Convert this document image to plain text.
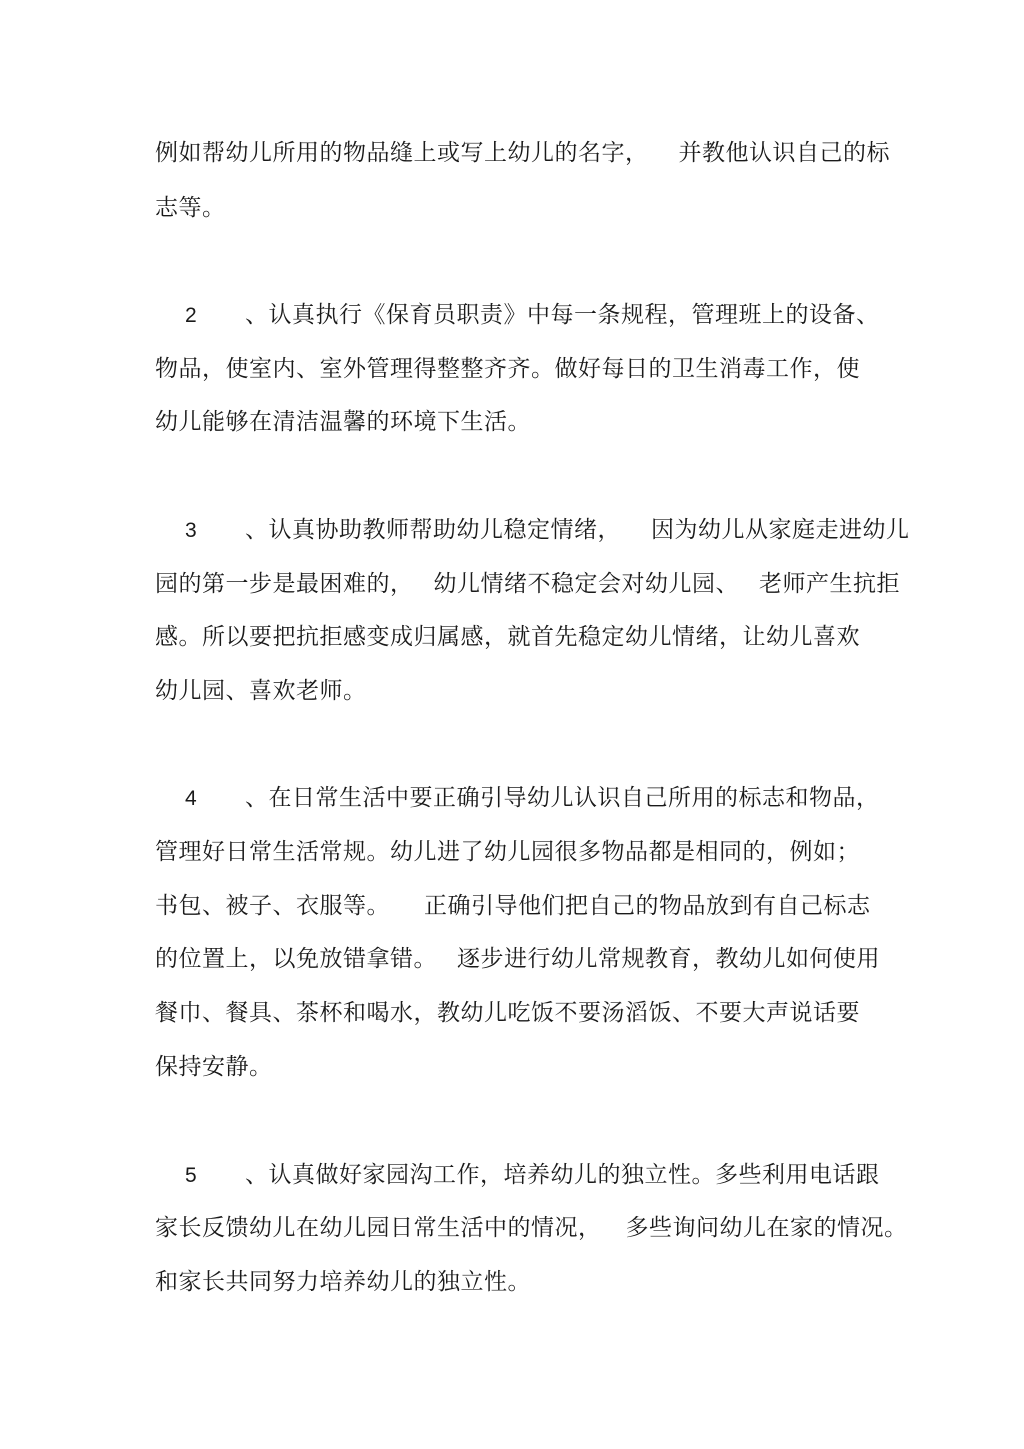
例如帮幼儿所用的物品缝上或写上幼儿的名字， 并教他认识自己的标
志等。
2 、认真执行《保育员职责》中每一条规程，管理班上的设备、
物品，使室内、室外管理得整整齐齐。做好每日的卫生消毒工作，使
幼儿能够在清洁温馨的环境下生活。
3 、认真协助教师帮助幼儿稳定情绪， 因为幼儿从家庭走进幼儿
园的第一步是最困难的， 幼儿情绪不稳定会对幼儿园、 老师产生抗拒
感。所以要把抗拒感变成归属感，就首先稳定幼儿情绪，让幼儿喜欢
幼儿园、喜欢老师。
4 、在日常生活中要正确引导幼儿认识自己所用的标志和物品，
管理好日常生活常规。幼儿进了幼儿园很多物品都是相同的，例如；
书包、被子、衣服等。 正确引导他们把自己的物品放到有自己标志
的位置上，以免放错拿错。 逐步进行幼儿常规教育，教幼儿如何使用
餐巾、餐具、茶杯和喝水，教幼儿吃饭不要汤滔饭、不要大声说话要
保持安静。
5 、认真做好家园沟工作，培养幼儿的独立性。多些利用电话跟
家长反馈幼儿在幼儿园日常生活中的情况， 多些询问幼儿在家的情况。
和家长共同努力培养幼儿的独立性。
